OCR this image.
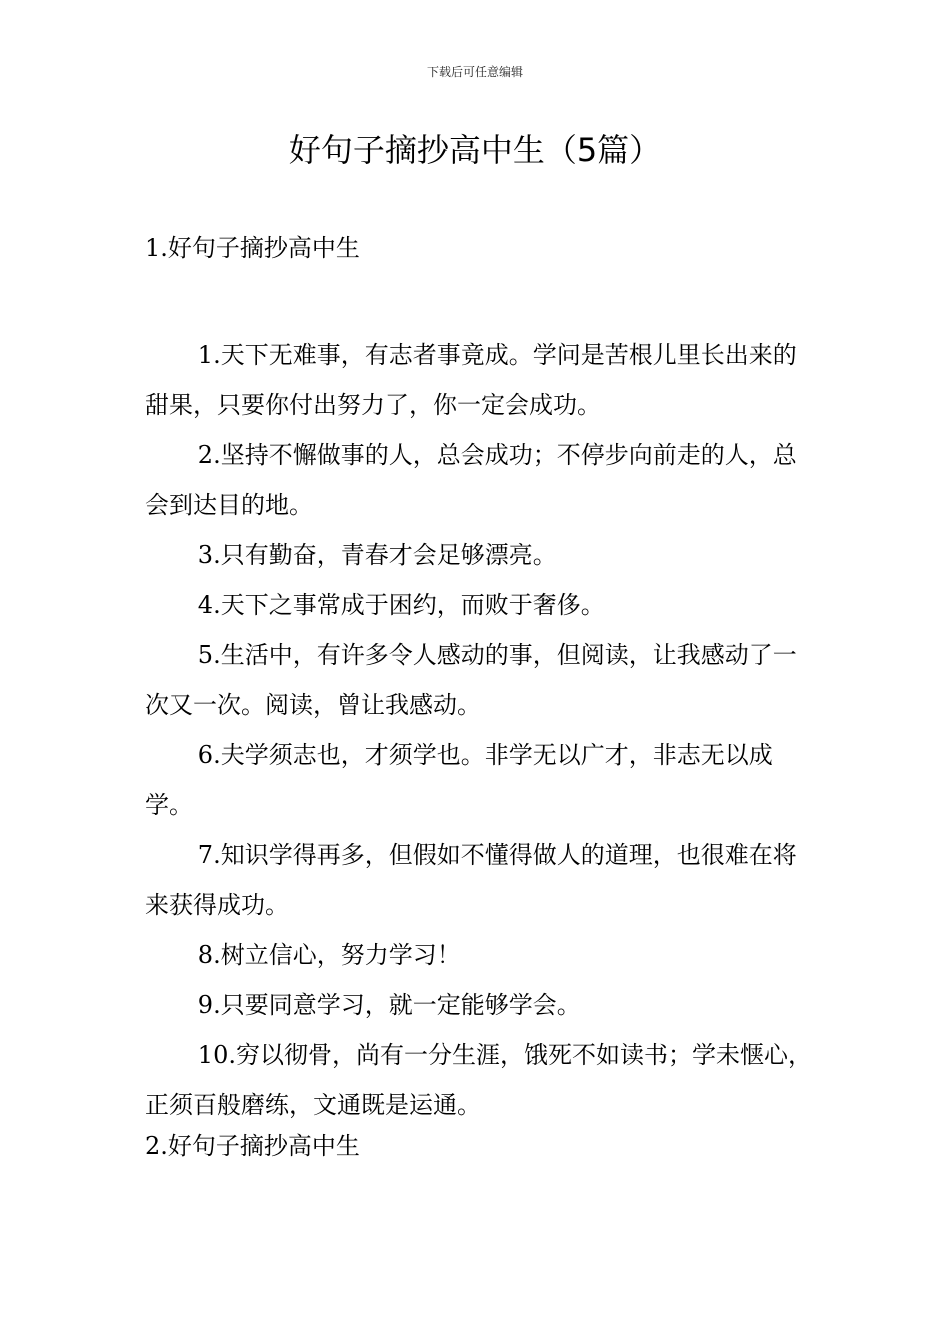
下载后可任意编辑
好句子摘抄高中生（5篇）
1.好句子摘抄高中生

1.天下无难事，有志者事竟成。学问是苦根儿里长出来的甜果，只要你付出努力了，你一定会成功。

2.坚持不懈做事的人，总会成功；不停步向前走的人，总会到达目的地。

3.只有勤奋，青春才会足够漂亮。

4.天下之事常成于困约，而败于奢侈。

5.生活中，有许多令人感动的事，但阅读，让我感动了一次又一次。阅读，曾让我感动。

6.夫学须志也，才须学也。非学无以广才，非志无以成学。

7.知识学得再多，但假如不懂得做人的道理，也很难在将来获得成功。

8.树立信心，努力学习！

9.只要同意学习，就一定能够学会。

10.穷以彻骨，尚有一分生涯，饿死不如读书；学未惬心，正须百般磨练，文通既是运通。

2.好句子摘抄高中生
